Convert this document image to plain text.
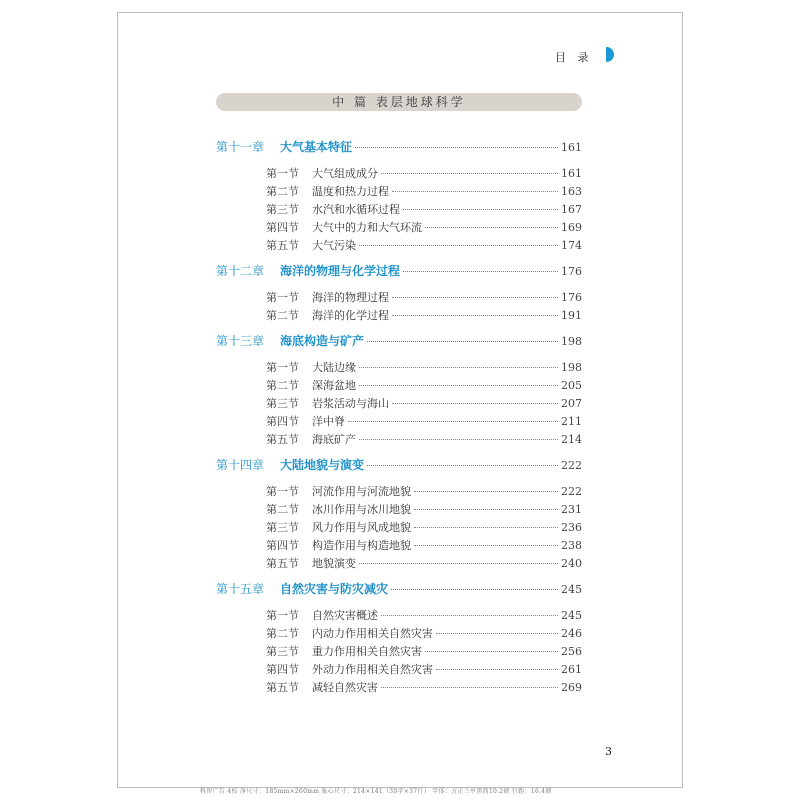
目 录
中 篇 表层地球科学
第十一章 大气基本特征	161
第一节	大气组成成分	161
第二节	温度和热力过程	163
第三节	水汽和水循环过程	167
第四节	大气中的力和大气环流	169
第五节	大气污染	174
第十二章 海洋的物理与化学过程	176
第一节	海洋的物理过程	176
第二节	海洋的化学过程	191
第十三章 海底构造与矿产	198
第一节	大陆边缘	198
第二节	深海盆地	205
第三节	岩浆活动与海山	207
第四节	洋中脊	211
第五节	海底矿产	214
第十四章 大陆地貌与演变	222
第一节	河流作用与河流地貌	222
第二节	冰川作用与冰川地貌	231
第三节	风力作用与风成地貌	236
第四节	构造作用与构造地貌	238
第五节	地貌演变	240
第十五章 自然灾害与防灾减灾	245
第一节	自然灾害概述	245
第二节	内动力作用相关自然灾害	246
第三节	重力作用相关自然灾害	256
第四节	外动力作用相关自然灾害	261
第五节	减轻自然灾害	269
3
科智广告 4校 净尺寸：185mm×260mm 版心尺寸：214×141（39字×37行） 字体：方正兰亭黑简10.2磅 行距：16.4磅
